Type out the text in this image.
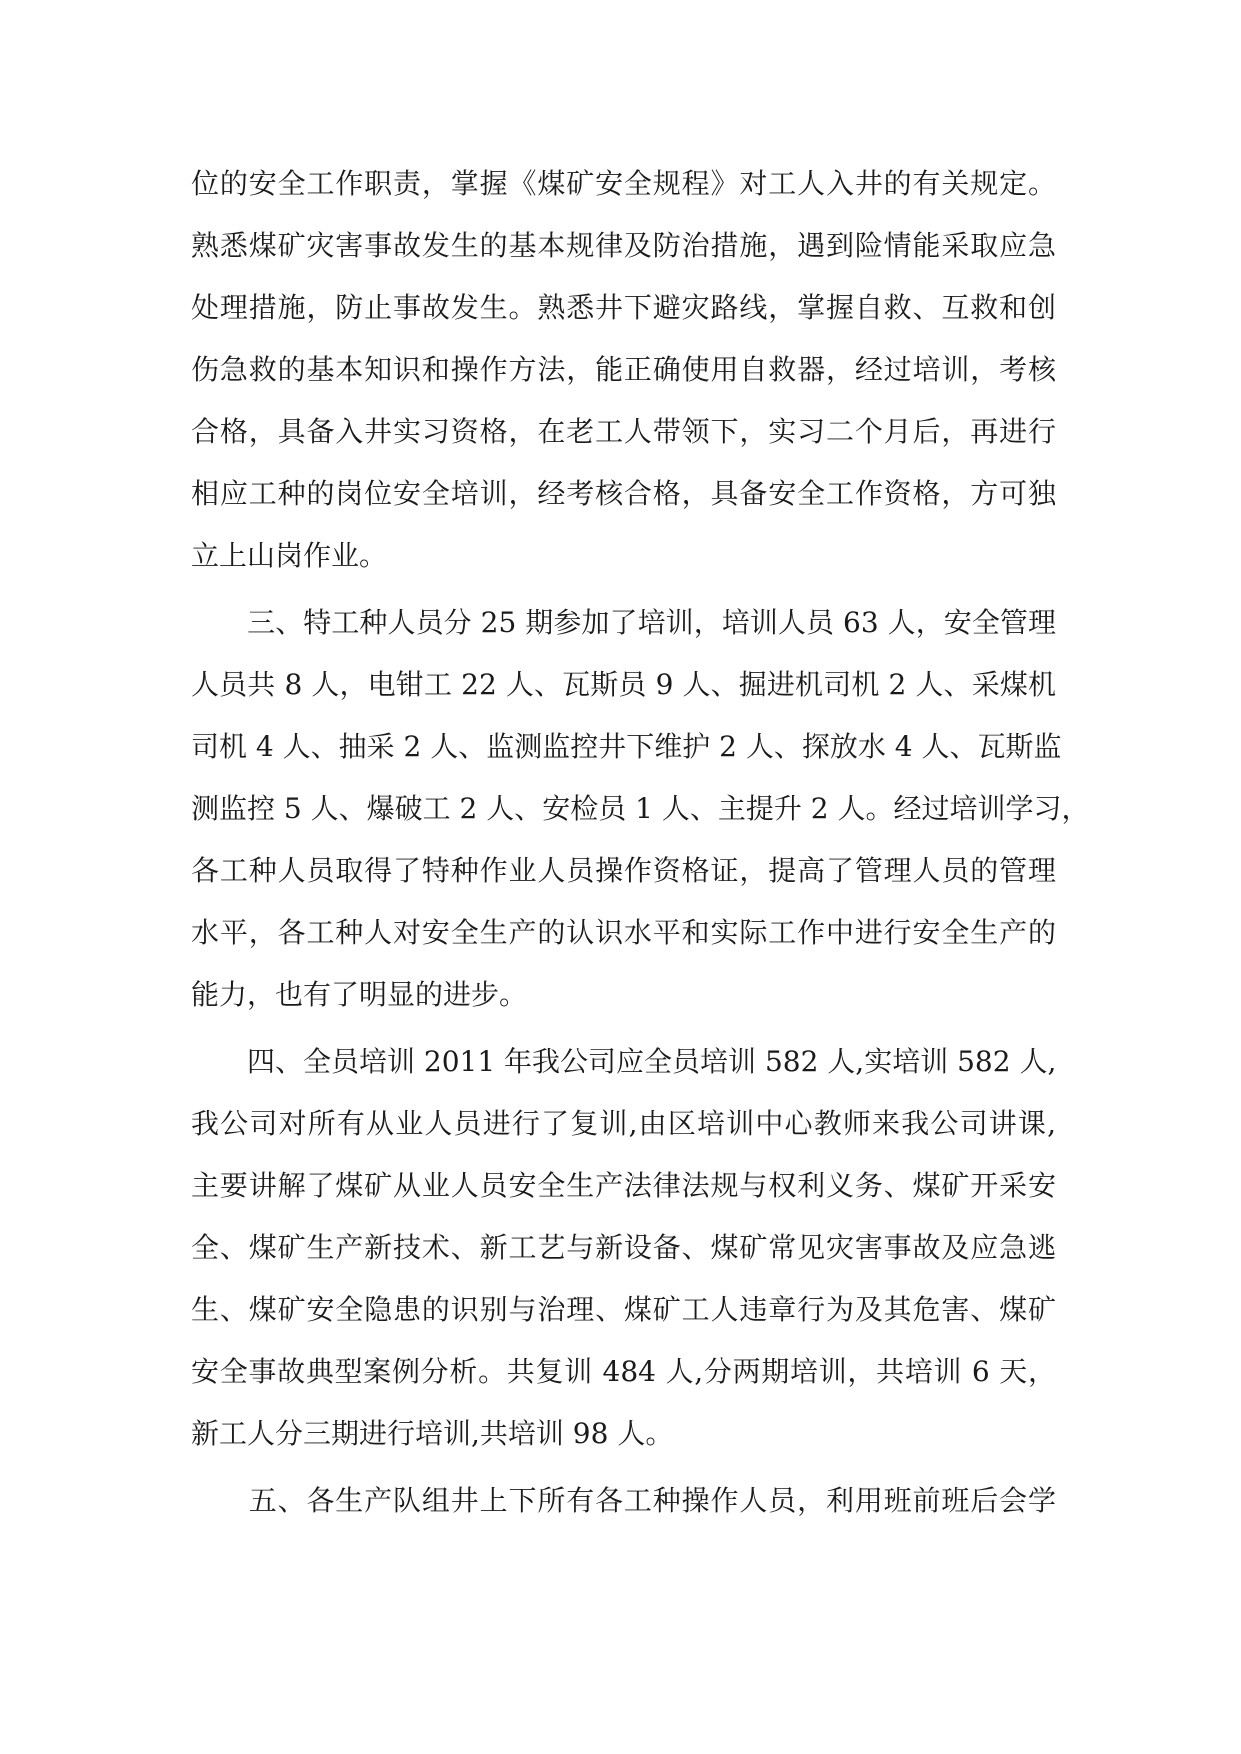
位的安全工作职责，掌握《煤矿安全规程》对工人入井的有关规定。
熟悉煤矿灾害事故发生的基本规律及防治措施，遇到险情能采取应急
处理措施，防止事故发生。熟悉井下避灾路线，掌握自救、互救和创
伤急救的基本知识和操作方法，能正确使用自救器，经过培训，考核
合格，具备入井实习资格，在老工人带领下，实习二个月后，再进行
相应工种的岗位安全培训，经考核合格，具备安全工作资格，方可独
立上山岗作业。
　　三、特工种人员分 25 期参加了培训，培训人员 63 人，安全管理
人员共 8 人，电钳工 22 人、瓦斯员 9 人、掘进机司机 2 人、采煤机
司机 4 人、抽采 2 人、监测监控井下维护 2 人、探放水 4 人、瓦斯监
测监控 5 人、爆破工 2 人、安检员 1 人、主提升 2 人。经过培训学习，
各工种人员取得了特种作业人员操作资格证，提高了管理人员的管理
水平，各工种人对安全生产的认识水平和实际工作中进行安全生产的
能力，也有了明显的进步。
　　四、全员培训 2011 年我公司应全员培训 582 人,实培训 582 人,
我公司对所有从业人员进行了复训,由区培训中心教师来我公司讲课,
主要讲解了煤矿从业人员安全生产法律法规与权利义务、煤矿开采安
全、煤矿生产新技术、新工艺与新设备、煤矿常见灾害事故及应急逃
生、煤矿安全隐患的识别与治理、煤矿工人违章行为及其危害、煤矿
安全事故典型案例分析。共复训 484 人,分两期培训，共培训 6 天，
新工人分三期进行培训,共培训 98 人。
　　五、各生产队组井上下所有各工种操作人员，利用班前班后会学
